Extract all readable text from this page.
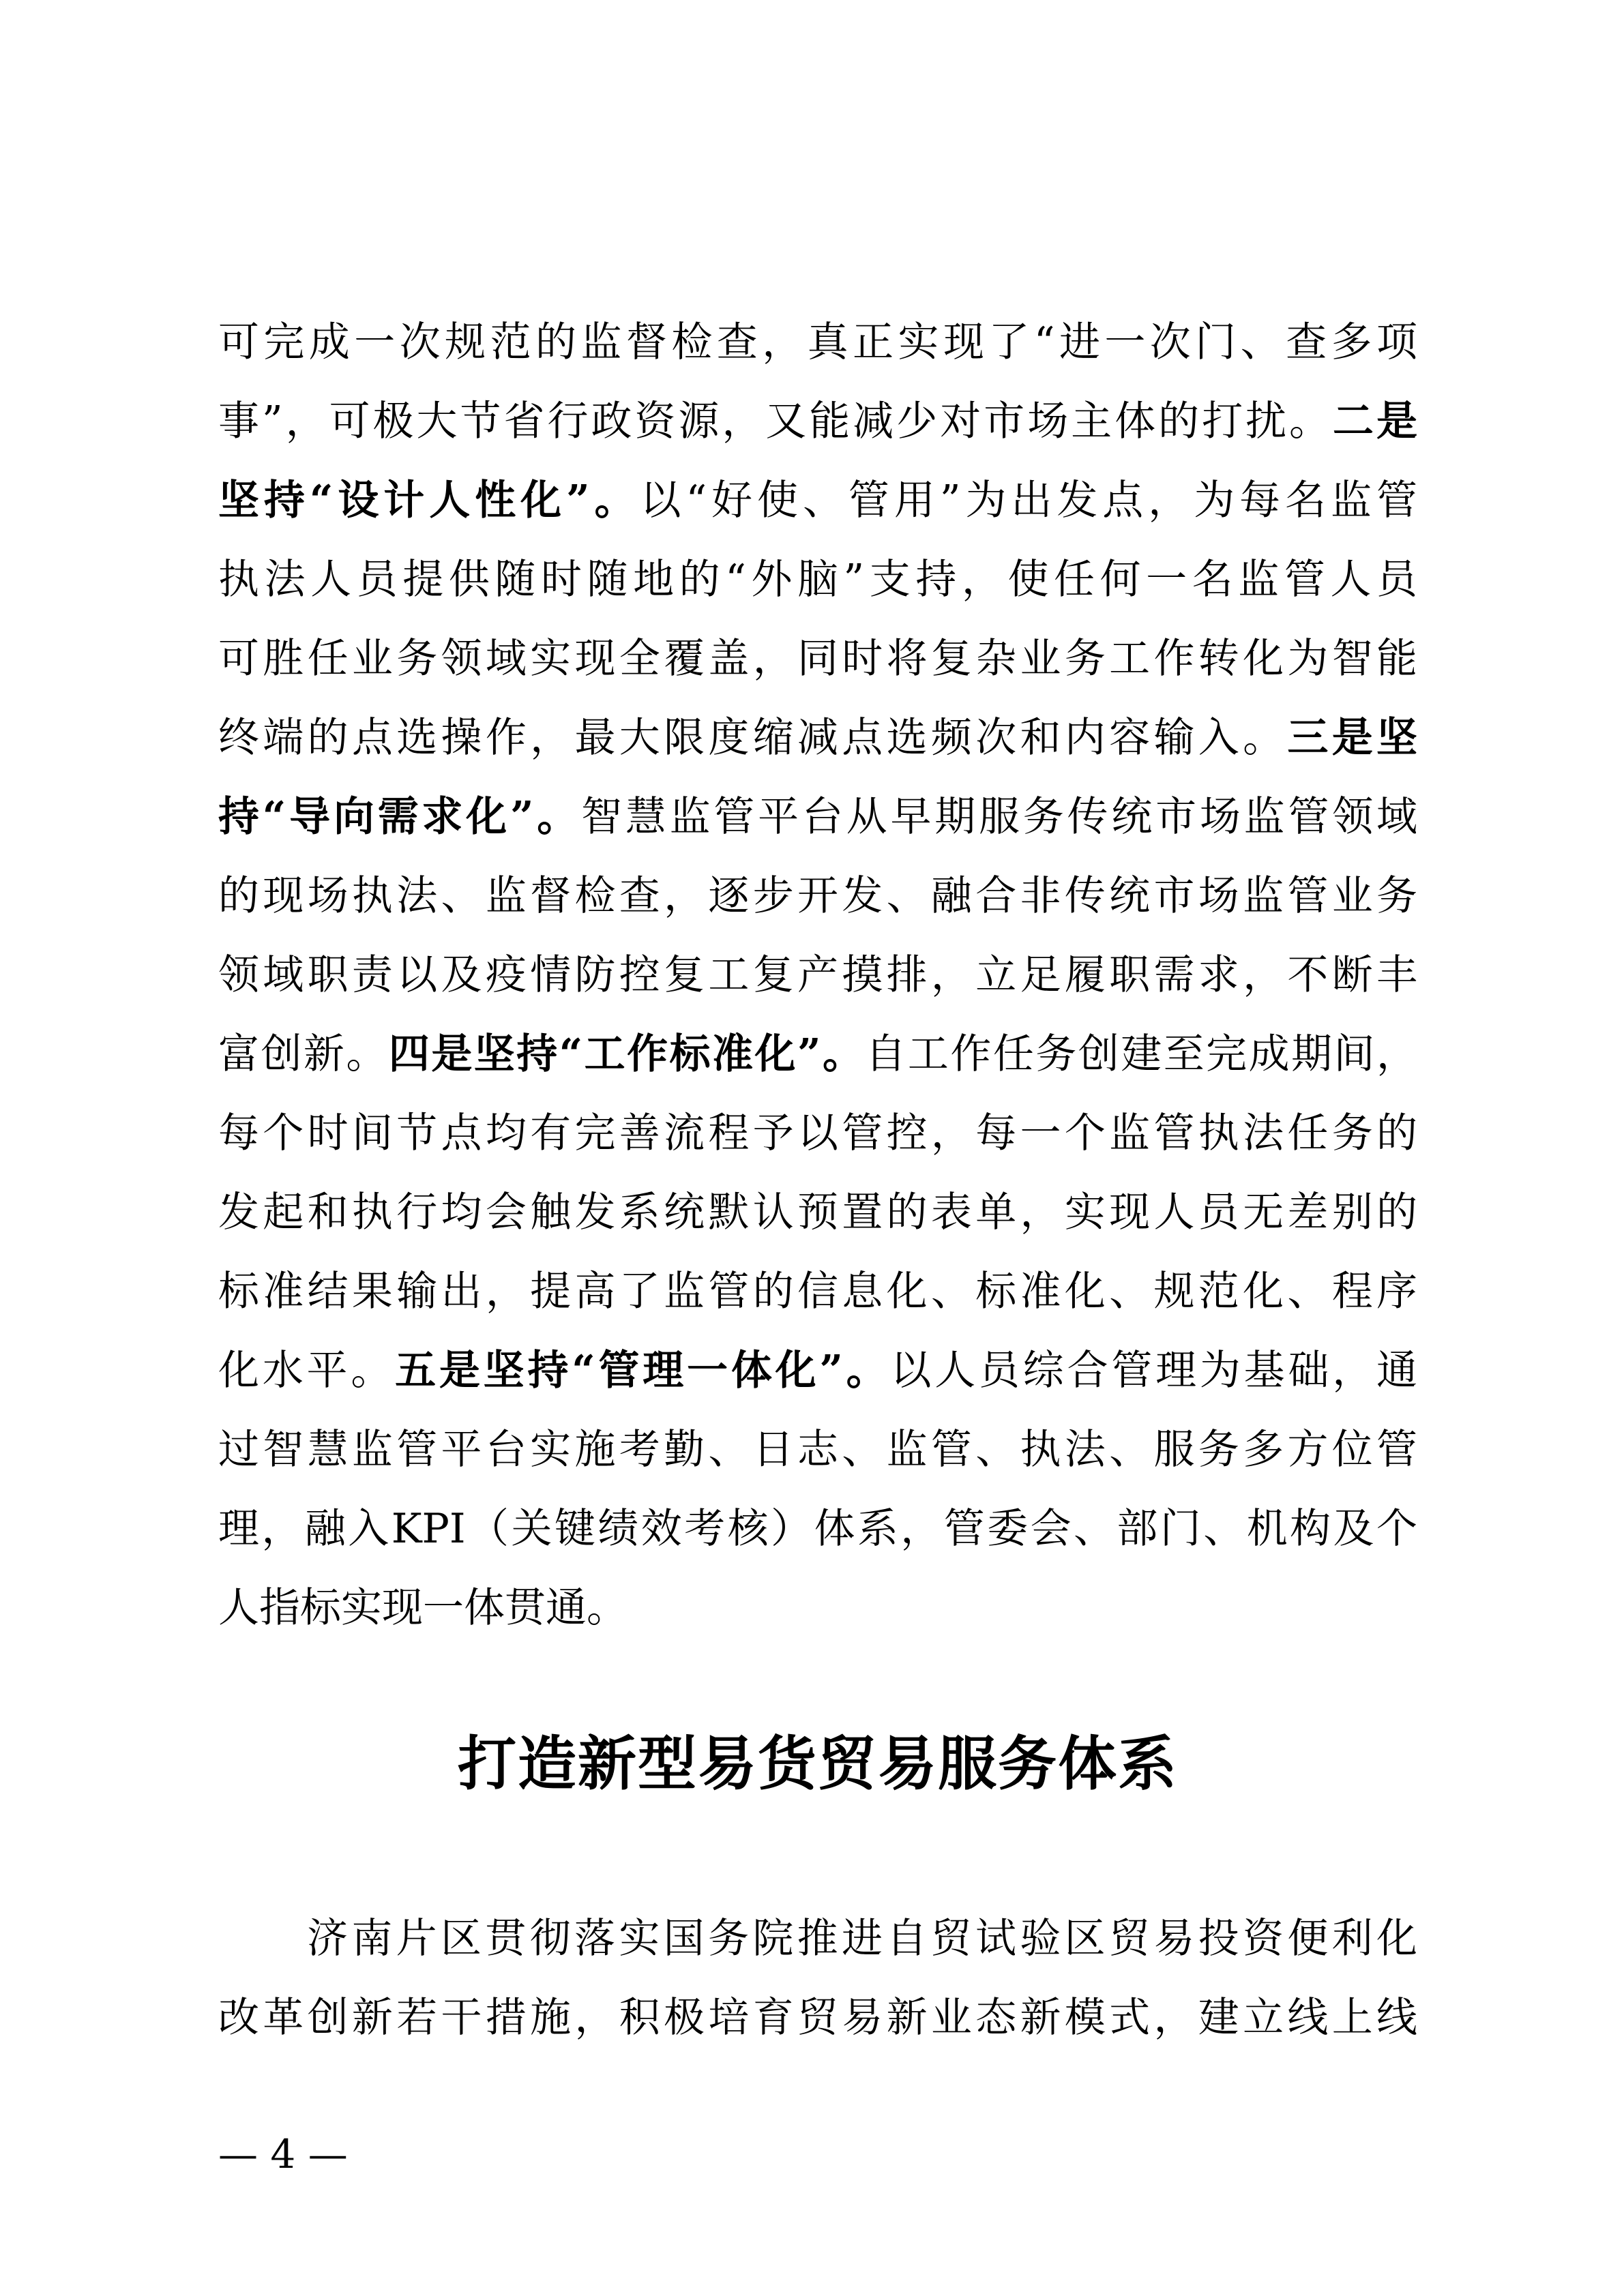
可完成一次规范的监督检查，真正实现了“进一次门、查多项
事”，可极大节省行政资源，又能减少对市场主体的打扰。二是
坚持“设计人性化”。以“好使、管用”为出发点，为每名监管
执法人员提供随时随地的“外脑”支持，使任何一名监管人员
可胜任业务领域实现全覆盖，同时将复杂业务工作转化为智能
终端的点选操作，最大限度缩减点选频次和内容输入。三是坚
持“导向需求化”。智慧监管平台从早期服务传统市场监管领域
的现场执法、监督检查，逐步开发、融合非传统市场监管业务
领域职责以及疫情防控复工复产摸排，立足履职需求，不断丰
富创新。四是坚持“工作标准化”。自工作任务创建至完成期间，
每个时间节点均有完善流程予以管控，每一个监管执法任务的
发起和执行均会触发系统默认预置的表单，实现人员无差别的
标准结果输出，提高了监管的信息化、标准化、规范化、程序
化水平。五是坚持“管理一体化”。以人员综合管理为基础，通
过智慧监管平台实施考勤、日志、监管、执法、服务多方位管
理，融入KPI（关键绩效考核）体系，管委会、部门、机构及个
人指标实现一体贯通。
打造新型易货贸易服务体系
济南片区贯彻落实国务院推进自贸试验区贸易投资便利化
改革创新若干措施，积极培育贸易新业态新模式，建立线上线
— 4 —
